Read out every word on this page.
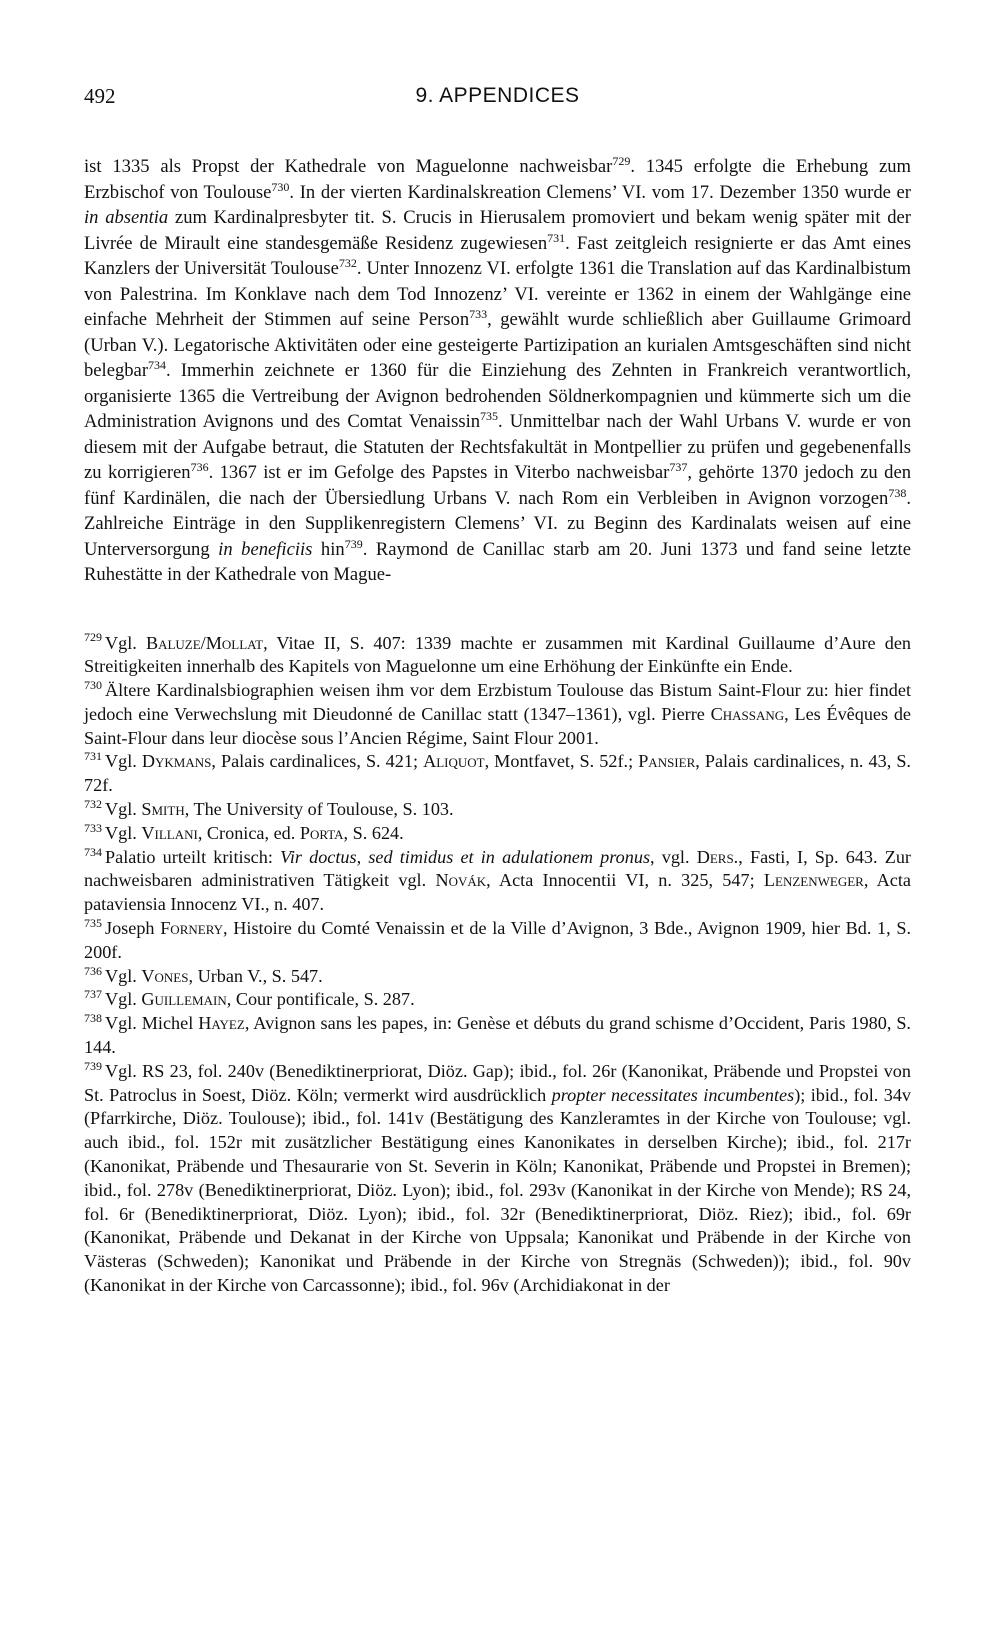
492	9. APPENDICES

ist 1335 als Propst der Kathedrale von Maguelonne nachweisbar$^{729}$. 1345 erfolgte die Erhebung zum Erzbischof von Toulouse$^{730}$. In der vierten Kardinalskreation Clemens’ VI. vom 17. Dezember 1350 wurde er in absentia zum Kardinalpresbyter tit. S. Crucis in Hierusalem promoviert und bekam wenig später mit der Livrée de Mirault eine standesgemäße Residenz zugewiesen$^{731}$. Fast zeitgleich resignierte er das Amt eines Kanzlers der Universität Toulouse$^{732}$. Unter Innozenz VI. erfolgte 1361 die Translation auf das Kardinalbistum von Palestrina. Im Konklave nach dem Tod Innozenz’ VI. vereinte er 1362 in einem der Wahlgänge eine einfache Mehrheit der Stimmen auf seine Person$^{733}$, gewählt wurde schließlich aber Guillaume Grimoard (Urban V.). Legatorische Aktivitäten oder eine gesteigerte Partizipation an kurialen Amtsgeschäften sind nicht belegbar$^{734}$. Immerhin zeichnete er 1360 für die Einziehung des Zehnten in Frankreich verantwortlich, organisierte 1365 die Vertreibung der Avignon bedrohenden Söldnerkompagnien und kümmerte sich um die Administration Avignons und des Comtat Venaissin$^{735}$. Unmittelbar nach der Wahl Urbans V. wurde er von diesem mit der Aufgabe betraut, die Statuten der Rechtsfakultät in Montpellier zu prüfen und gegebenenfalls zu korrigieren$^{736}$. 1367 ist er im Gefolge des Papstes in Viterbo nachweisbar$^{737}$, gehörte 1370 jedoch zu den fünf Kardinälen, die nach der Übersiedlung Urbans V. nach Rom ein Verbleiben in Avignon vorzogen$^{738}$. Zahlreiche Einträge in den Supplikenregistern Clemens’ VI. zu Beginn des Kardinalats weisen auf eine Unterversorgung in beneficiis hin$^{739}$. Raymond de Canillac starb am 20. Juni 1373 und fand seine letzte Ruhestätte in der Kathedrale von Mague-

$^{729}$ Vgl. Baluze/Mollat, Vitae II, S. 407: 1339 machte er zusammen mit Kardinal Guillaume d’Aure den Streitigkeiten innerhalb des Kapitels von Maguelonne um eine Erhöhung der Einkünfte ein Ende.

$^{730}$ Ältere Kardinalsbiographien weisen ihm vor dem Erzbistum Toulouse das Bistum Saint-Flour zu: hier findet jedoch eine Verwechslung mit Dieudonné de Canillac statt (1347–1361), vgl. Pierre Chassang, Les Évêques de Saint-Flour dans leur diocèse sous l’Ancien Régime, Saint Flour 2001.

$^{731}$ Vgl. Dykmans, Palais cardinalices, S. 421; Aliquot, Montfavet, S. 52f.; Pansier, Palais cardinalices, n. 43, S. 72f.

$^{732}$ Vgl. Smith, The University of Toulouse, S. 103.

$^{733}$ Vgl. Villani, Cronica, ed. Porta, S. 624.

$^{734}$ Palatio urteilt kritisch: Vir doctus, sed timidus et in adulationem pronus, vgl. Ders., Fasti, I, Sp. 643. Zur nachweisbaren administrativen Tätigkeit vgl. Novák, Acta Innocentii VI, n. 325, 547; Lenzenweger, Acta pataviensia Innocenz VI., n. 407.

$^{735}$ Joseph Fornery, Histoire du Comté Venaissin et de la Ville d’Avignon, 3 Bde., Avignon 1909, hier Bd. 1, S. 200f.

$^{736}$ Vgl. Vones, Urban V., S. 547.

$^{737}$ Vgl. Guillemain, Cour pontificale, S. 287.

$^{738}$ Vgl. Michel Hayez, Avignon sans les papes, in: Genèse et débuts du grand schisme d’Occident, Paris 1980, S. 144.

$^{739}$ Vgl. RS 23, fol. 240v (Benediktinerpriorat, Diöz. Gap); ibid., fol. 26r (Kanonikat, Präbende und Propstei von St. Patroclus in Soest, Diöz. Köln; vermerkt wird ausdrücklich propter necessitates incumbentes); ibid., fol. 34v (Pfarrkirche, Diöz. Toulouse); ibid., fol. 141v (Bestätigung des Kanzleramtes in der Kirche von Toulouse; vgl. auch ibid., fol. 152r mit zusätzlicher Bestätigung eines Kanonikates in derselben Kirche); ibid., fol. 217r (Kanonikat, Präbende und Thesaurarie von St. Severin in Köln; Kanonikat, Präbende und Propstei in Bremen); ibid., fol. 278v (Benediktinerpriorat, Diöz. Lyon); ibid., fol. 293v (Kanonikat in der Kirche von Mende); RS 24, fol. 6r (Benediktinerpriorat, Diöz. Lyon); ibid., fol. 32r (Benediktinerpriorat, Diöz. Riez); ibid., fol. 69r (Kanonikat, Präbende und Dekanat in der Kirche von Uppsala; Kanonikat und Präbende in der Kirche von Västeras (Schweden); Kanonikat und Präbende in der Kirche von Stregnäs (Schweden)); ibid., fol. 90v (Kanonikat in der Kirche von Carcassonne); ibid., fol. 96v (Archidiakonat in der
